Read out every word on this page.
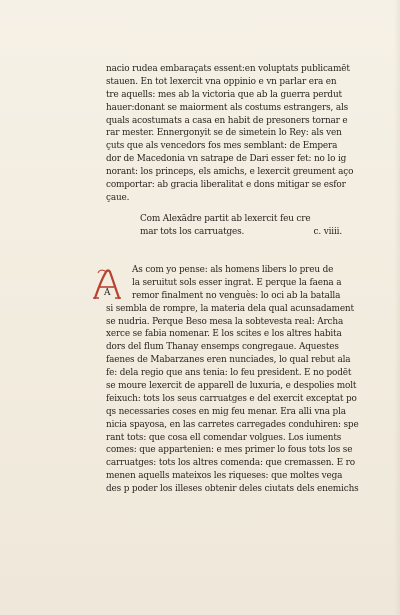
nacio rudea embaraçats essent:en voluptats publicamēt
stauen. En tot lexercit vna oppinio e vn parlar era en
tre aquells: mes ab la victoria que ab la guerra perdut
hauer:donant se maiorment als costums estrangers, als
quals acostumats a casa en habit de presoners tornar e
rar mester. Ennergonyit se de simetein lo Rey: als ven
çuts que als vencedors fos mes semblant: de Empera
dor de Macedonia vn satrape de Dari esser fet: no lo ig
norant: los princeps, els amichs, e lexercit greument aço
comportar: ab gracia liberalitat e dons mitigar se esfor
çaue.
Com Alexādre partit ab lexercit feu cre
mar tots los carruatges.	c. viiii.
A
As com yo pense: als homens libers lo preu de
la seruitut sols esser ingrat. E perque la faena a
remor finalment no venguès: lo oci ab la batalla
si sembla de rompre, la materia dela qual acunsadament
se nudria. Perque Beso mesa la sobtevesta real: Archa
xerce se fabia nomenar. E los scites e los altres habita
dors del flum Thanay ensemps congregaue. Aquestes
faenes de Mabarzanes eren nunciades, lo qual rebut ala
fe: dela regio que ans tenia: lo feu president. E no podēt
se moure lexercit de apparell de luxuria, e despolies molt
feixuch: tots los seus carruatges e del exercit exceptat po
qs necessaries coses en mig feu menar. Era alli vna pla
nicia spayosa, en las carretes carregades conduhiren: spe
rant tots: que cosa ell comendar volgues. Los iuments
comes: que appartenien: e mes primer lo fous tots los se
carruatges: tots los altres comenda: que cremassen. E ro
menen aquells mateixos les riqueses: que moltes vega
des p poder los illeses obtenir deles ciutats dels enemichs
